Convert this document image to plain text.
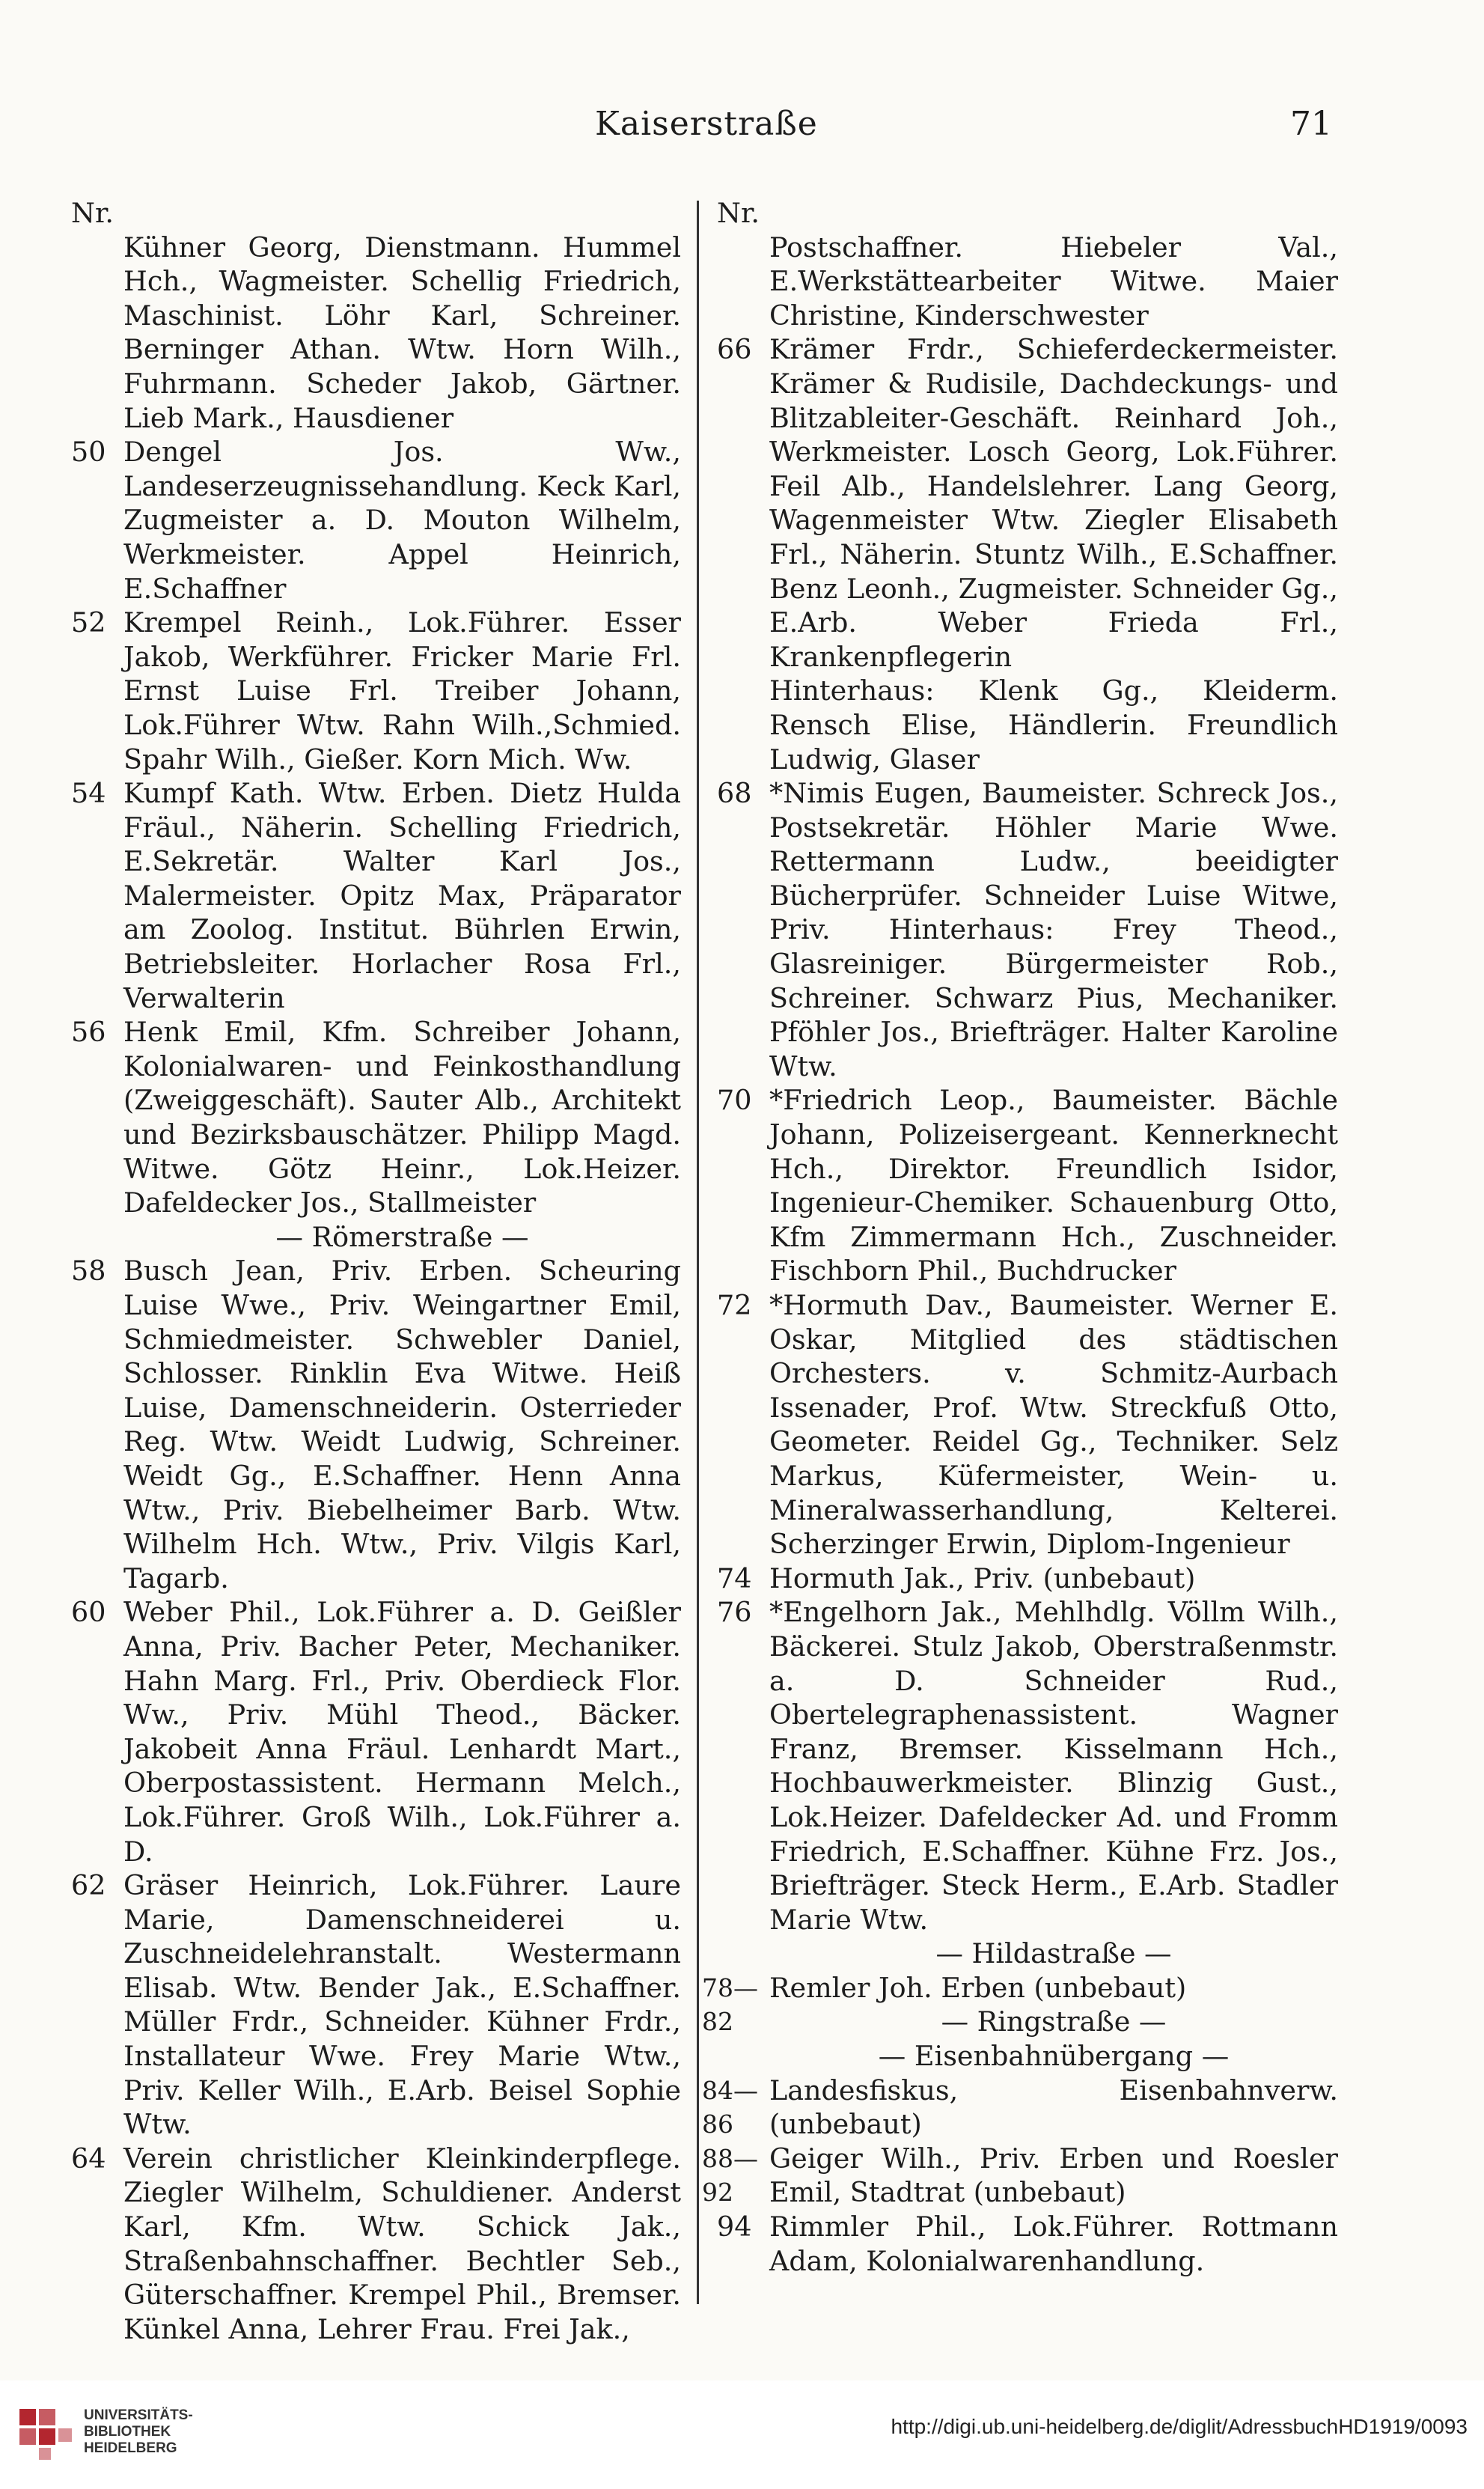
Kaiserstraße	71
Nr.
Kühner Georg, Dienstmann. Hummel Hch., Wagmeister. Schellig Friedrich, Maschinist. Löhr Karl, Schreiner. Berninger Athan. Wtw. Horn Wilh., Fuhrmann. Scheder Jakob, Gärtner. Lieb Mark., Hausdiener
50 Dengel Jos. Ww., Landeserzeugnissehandlung. Keck Karl, Zugmeister a. D. Mouton Wilhelm, Werkmeister. Appel Heinrich, E.Schaffner
52 Krempel Reinh., Lok.Führer. Esser Jakob, Werkführer. Fricker Marie Frl. Ernst Luise Frl. Treiber Johann, Lok.Führer Wtw. Rahn Wilh.,Schmied. Spahr Wilh., Gießer. Korn Mich. Ww.
54 Kumpf Kath. Wtw. Erben. Dietz Hulda Fräul., Näherin. Schelling Friedrich, E.Sekretär. Walter Karl Jos., Malermeister. Opitz Max, Präparator am Zoolog. Institut. Bührlen Erwin, Betriebsleiter. Horlacher Rosa Frl., Verwalterin
56 Henk Emil, Kfm. Schreiber Johann, Kolonialwaren- und Feinkosthandlung (Zweiggeschäft). Sauter Alb., Architekt und Bezirksbauschätzer. Philipp Magd. Witwe. Götz Heinr., Lok.Heizer. Dafeldecker Jos., Stallmeister
— Römerstraße —
58 Busch Jean, Priv. Erben. Scheuring Luise Wwe., Priv. Weingartner Emil, Schmiedmeister. Schwebler Daniel, Schlosser. Rinklin Eva Witwe. Heiß Luise, Damenschneiderin. Osterrieder Reg. Wtw. Weidt Ludwig, Schreiner. Weidt Gg., E.Schaffner. Henn Anna Wtw., Priv. Biebelheimer Barb. Wtw. Wilhelm Hch. Wtw., Priv. Vilgis Karl, Tagarb.
60 Weber Phil., Lok.Führer a. D. Geißler Anna, Priv. Bacher Peter, Mechaniker. Hahn Marg. Frl., Priv. Oberdieck Flor. Ww., Priv. Mühl Theod., Bäcker. Jakobeit Anna Fräul. Lenhardt Mart., Oberpostassistent. Hermann Melch., Lok.Führer. Groß Wilh., Lok.Führer a. D.
62 Gräser Heinrich, Lok.Führer. Laure Marie, Damenschneiderei u. Zuschneidelehranstalt. Westermann Elisab. Wtw. Bender Jak., E.Schaffner. Müller Frdr., Schneider. Kühner Frdr., Installateur Wwe. Frey Marie Wtw., Priv. Keller Wilh., E.Arb. Beisel Sophie Wtw.
64 Verein christlicher Kleinkinderpflege. Ziegler Wilhelm, Schuldiener. Anderst Karl, Kfm. Wtw. Schick Jak., Straßenbahnschaffner. Bechtler Seb., Güterschaffner. Krempel Phil., Bremser. Künkel Anna, Lehrer Frau. Frei Jak.,
Nr.
Postschaffner. Hiebeler Val., E.Werkstättearbeiter Witwe. Maier Christine, Kinderschwester
66 Krämer Frdr., Schieferdeckermeister. Krämer & Rudisile, Dachdeckungs- und Blitzableiter-Geschäft. Reinhard Joh., Werkmeister. Losch Georg, Lok.Führer. Feil Alb., Handelslehrer. Lang Georg, Wagenmeister Wtw. Ziegler Elisabeth Frl., Näherin. Stuntz Wilh., E.Schaffner. Benz Leonh., Zugmeister. Schneider Gg., E.Arb. Weber Frieda Frl., Krankenpflegerin
Hinterhaus: Klenk Gg., Kleiderm. Rensch Elise, Händlerin. Freundlich Ludwig, Glaser
68 *Nimis Eugen, Baumeister. Schreck Jos., Postsekretär. Höhler Marie Wwe. Rettermann Ludw., beeidigter Bücherprüfer. Schneider Luise Witwe, Priv. Hinterhaus: Frey Theod., Glasreiniger. Bürgermeister Rob., Schreiner. Schwarz Pius, Mechaniker. Pföhler Jos., Briefträger. Halter Karoline Wtw.
70 *Friedrich Leop., Baumeister. Bächle Johann, Polizeisergeant. Kennerknecht Hch., Direktor. Freundlich Isidor, Ingenieur-Chemiker. Schauenburg Otto, Kfm Zimmermann Hch., Zuschneider. Fischborn Phil., Buchdrucker
72 *Hormuth Dav., Baumeister. Werner E. Oskar, Mitglied des städtischen Orchesters. v. Schmitz-Aurbach Issenader, Prof. Wtw. Streckfuß Otto, Geometer. Reidel Gg., Techniker. Selz Markus, Küfermeister, Wein- u. Mineralwasserhandlung, Kelterei. Scherzinger Erwin, Diplom-Ingenieur
74 Hormuth Jak., Priv. (unbebaut)
76 *Engelhorn Jak., Mehlhdlg. Völlm Wilh., Bäckerei. Stulz Jakob, Oberstraßenmstr. a. D. Schneider Rud., Obertelegraphenassistent. Wagner Franz, Bremser. Kisselmann Hch., Hochbauwerkmeister. Blinzig Gust., Lok.Heizer. Dafeldecker Ad. und Fromm Friedrich, E.Schaffner. Kühne Frz. Jos., Briefträger. Steck Herm., E.Arb. Stadler Marie Wtw.
— Hildastraße —
78—82
Remler Joh. Erben (unbebaut)
— Ringstraße —
— Eisenbahnübergang —
84—86
Landesfiskus, Eisenbahnverw. (unbebaut)
88—92
Geiger Wilh., Priv. Erben und Roesler Emil, Stadtrat (unbebaut)
94 Rimmler Phil., Lok.Führer. Rottmann Adam, Kolonialwarenhandlung.
UNIVERSITÄTS-
BIBLIOTHEK
HEIDELBERG
http://digi.ub.uni-heidelberg.de/diglit/AdressbuchHD1919/0093
